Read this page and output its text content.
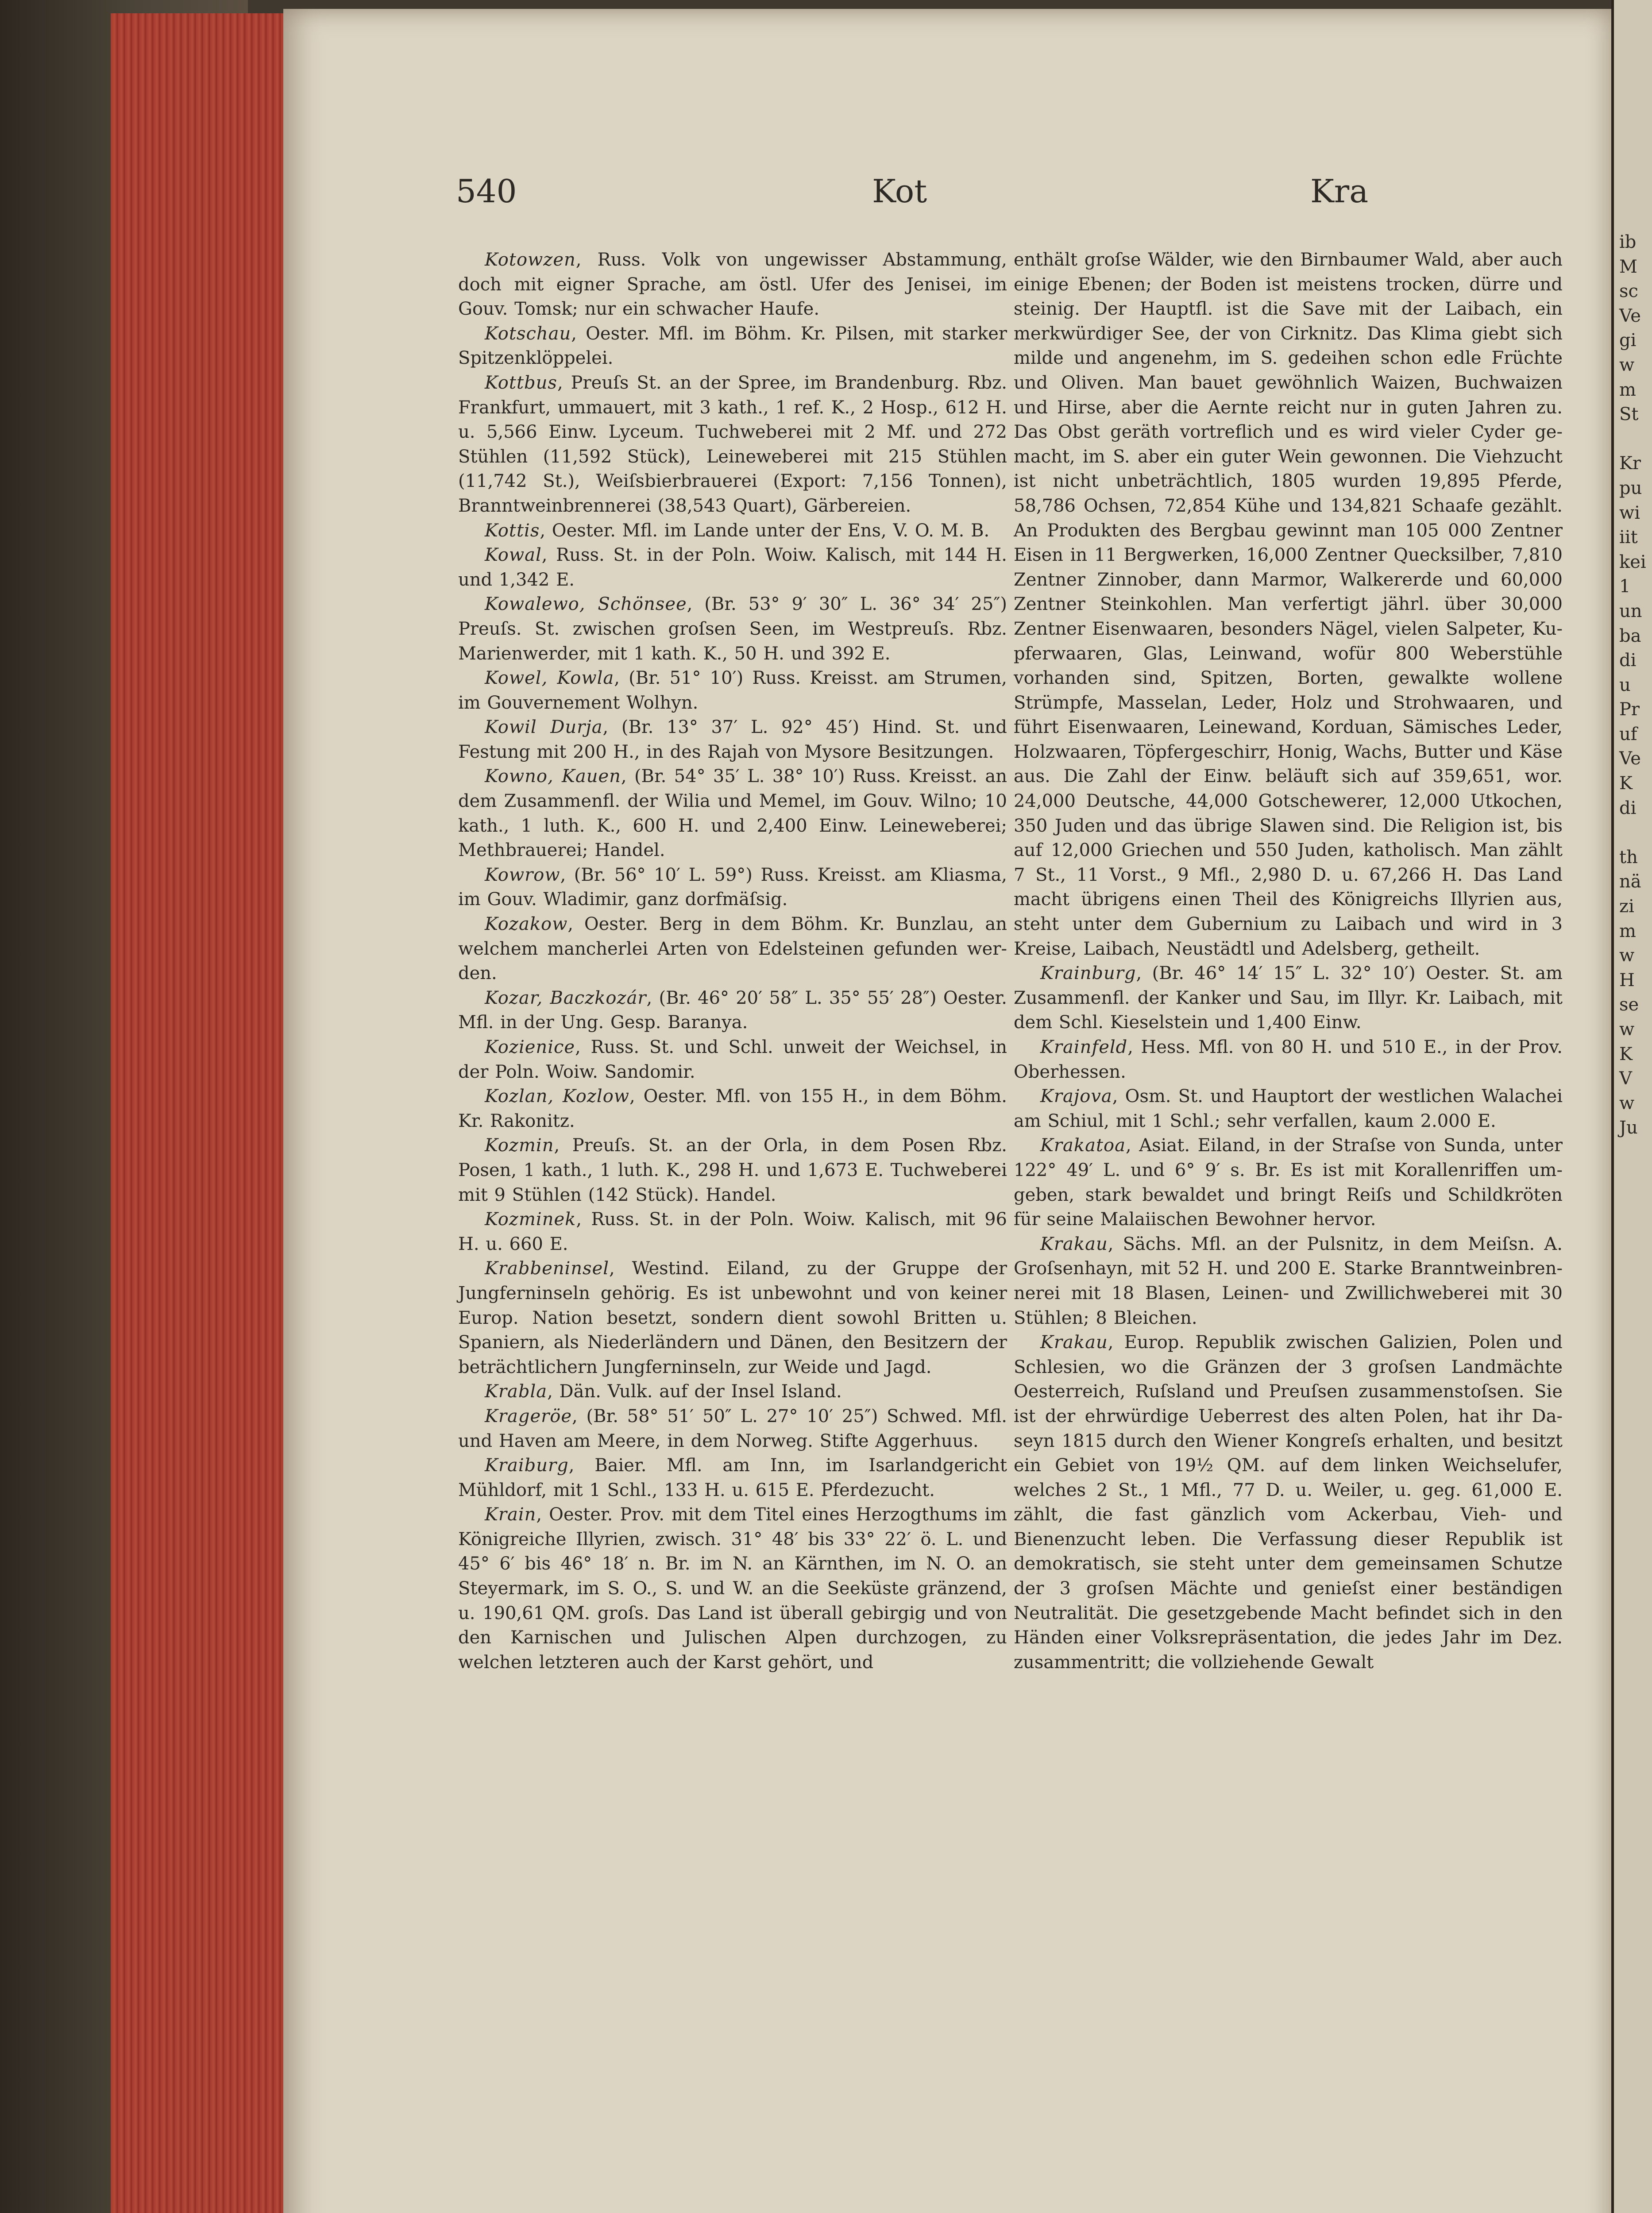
540	Kot	Kra

Kotowzen, Russ. Volk von ungewisser Abstammung, doch mit eigner Sprache, am östl. Ufer des Jenisei, im Gouv. Tomsk; nur ein schwacher Haufe.

Kotschau, Oester. Mfl. im Böhm. Kr. Pilsen, mit starker Spitzenklöppelei.

Kottbus, Preuſs St. an der Spree, im Brandenburg. Rbz. Frankfurt, ummauert, mit 3 kath., 1 ref. K., 2 Hosp., 612 H. u. 5,566 Einw. Lyceum. Tuchweberei mit 2 Mf. und 272 Stühlen (11,592 Stück), Leineweberei mit 215 Stühlen (11,742 St.), Weiſsbierbrauerei (Export: 7,156 Tonnen), Branntweinbrennerei (38,543 Quart), Gärbereien.

Kottis, Oester. Mfl. im Lande unter der Ens, V. O. M. B.

Kowal, Russ. St. in der Poln. Woiw. Kalisch, mit 144 H. und 1,342 E.

Kowalewo, Schönsee, (Br. 53° 9′ 30″ L. 36° 34′ 25″) Preuſs. St. zwischen groſsen Seen, im Westpreuſs. Rbz. Marienwerder, mit 1 kath. K., 50 H. und 392 E.

Kowel, Kowla, (Br. 51° 10′) Russ. Kreisst. am Strumen, im Gouvernement Wolhyn.

Kowil Durja, (Br. 13° 37′ L. 92° 45′) Hind. St. und Festung mit 200 H., in des Rajah von Mysore Besitzungen.

Kowno, Kauen, (Br. 54° 35′ L. 38° 10′) Russ. Kreisst. an dem Zusammenfl. der Wilia und Memel, im Gouv. Wilno; 10 kath., 1 luth. K., 600 H. und 2,400 Einw. Leineweberei; Methbrauerei; Handel.

Kowrow, (Br. 56° 10′ L. 59°) Russ. Kreisst. am Kliasma, im Gouv. Wladimir, ganz dorfmäſsig.

Kozakow, Oester. Berg in dem Böhm. Kr. Bunzlau, an welchem mancherlei Arten von Edelsteinen gefunden werden.

Kozar, Baczkozár, (Br. 46° 20′ 58″ L. 35° 55′ 28″) Oester. Mfl. in der Ung. Gesp. Baranya.

Kozienice, Russ. St. und Schl. unweit der Weichsel, in der Poln. Woiw. Sandomir.

Kozlan, Kozlow, Oester. Mfl. von 155 H., in dem Böhm. Kr. Rakonitz.

Kozmin, Preuſs. St. an der Orla, in dem Posen Rbz. Posen, 1 kath., 1 luth. K., 298 H. und 1,673 E. Tuchweberei mit 9 Stühlen (142 Stück). Handel.

Kozminek, Russ. St. in der Poln. Woiw. Kalisch, mit 96 H. u. 660 E.

Krabbeninsel, Westind. Eiland, zu der Gruppe der Jungferninseln gehörig. Es ist unbewohnt und von keiner Europ. Nation besetzt, sondern dient sowohl Britten u. Spaniern, als Niederländern und Dänen, den Besitzern der beträchtlichern Jungferninseln, zur Weide und Jagd.

Krabla, Dän. Vulk. auf der Insel Island.

Krageröe, (Br. 58° 51′ 50″ L. 27° 10′ 25″) Schwed. Mfl. und Haven am Meere, in dem Norweg. Stifte Aggerhuus.

Kraiburg, Baier. Mfl. am Inn, im Isarlandgericht Mühldorf, mit 1 Schl., 133 H. u. 615 E. Pferdezucht.

Krain, Oester. Prov. mit dem Titel eines Herzogthums im Königreiche Illyrien, zwisch. 31° 48′ bis 33° 22′ ö. L. und 45° 6′ bis 46° 18′ n. Br. im N. an Kärnthen, im N. O. an Steyermark, im S. O., S. und W. an die Seeküste gränzend, u. 190,61 QM. groſs. Das Land ist überall gebirgig und von den Karnischen und Julischen Alpen durchzogen, zu welchen letzteren auch der Karst gehört, und

enthält groſse Wälder, wie den Birnbaumer Wald, aber auch einige Ebenen; der Boden ist meistens trocken, dürre und steinig. Der Hauptfl. ist die Save mit der Laibach, ein merkwürdiger See, der von Cirknitz. Das Klima giebt sich milde und angenehm, im S. gedeihen schon edle Früchte und Oliven. Man bauet gewöhnlich Waizen, Buchwaizen und Hirse, aber die Aernte reicht nur in guten Jahren zu. Das Obst geräth vortreflich und es wird vieler Cyder gemacht, im S. aber ein guter Wein gewonnen. Die Viehzucht ist nicht unbeträchtlich, 1805 wurden 19,895 Pferde, 58,786 Ochsen, 72,854 Kühe und 134,821 Schaafe gezählt. An Produkten des Bergbau gewinnt man 105 000 Zentner Eisen in 11 Bergwerken, 16,000 Zentner Quecksilber, 7,810 Zentner Zinnober, dann Marmor, Walkererde und 60,000 Zentner Steinkohlen. Man verfertigt jährl. über 30,000 Zentner Eisenwaaren, besonders Nägel, vielen Salpeter, Kupferwaaren, Glas, Leinwand, wofür 800 Weberstühle vorhanden sind, Spitzen, Borten, gewalkte wollene Strümpfe, Masselan, Leder, Holz und Strohwaaren, und führt Eisenwaaren, Leinewand, Korduan, Sämisches Leder, Holzwaaren, Töpfergeschirr, Honig, Wachs, Butter und Käse aus. Die Zahl der Einw. beläuft sich auf 359,651, wor. 24,000 Deutsche, 44,000 Gotschewerer, 12,000 Utkochen, 350 Juden und das übrige Slawen sind. Die Religion ist, bis auf 12,000 Griechen und 550 Juden, katholisch. Man zählt 7 St., 11 Vorst., 9 Mfl., 2,980 D. u. 67,266 H. Das Land macht übrigens einen Theil des Königreichs Illyrien aus, steht unter dem Gubernium zu Laibach und wird in 3 Kreise, Laibach, Neustädtl und Adelsberg, getheilt.

Krainburg, (Br. 46° 14′ 15″ L. 32° 10′) Oester. St. am Zusammenfl. der Kanker und Sau, im Illyr. Kr. Laibach, mit dem Schl. Kieselstein und 1,400 Einw.

Krainfeld, Hess. Mfl. von 80 H. und 510 E., in der Prov. Oberhessen.

Krajova, Osm. St. und Hauptort der westlichen Walachei am Schiul, mit 1 Schl.; sehr verfallen, kaum 2.000 E.

Krakatoa, Asiat. Eiland, in der Straſse von Sunda, unter 122° 49′ L. und 6° 9′ s. Br. Es ist mit Korallenriffen umgeben, stark bewaldet und bringt Reiſs und Schildkröten für seine Malaiischen Bewohner hervor.

Krakau, Sächs. Mfl. an der Pulsnitz, in dem Meiſsn. A. Groſsenhayn, mit 52 H. und 200 E. Starke Branntweinbrennerei mit 18 Blasen, Leinen- und Zwillichweberei mit 30 Stühlen; 8 Bleichen.

Krakau, Europ. Republik zwischen Galizien, Polen und Schlesien, wo die Gränzen der 3 groſsen Landmächte Oesterreich, Ruſsland und Preuſsen zusammenstoſsen. Sie ist der ehrwürdige Ueberrest des alten Polen, hat ihr Daseyn 1815 durch den Wiener Kongreſs erhalten, und besitzt ein Gebiet von 19½ QM. auf dem linken Weichselufer, welches 2 St., 1 Mfl., 77 D. u. Weiler, u. geg. 61,000 E. zählt, die fast gänzlich vom Ackerbau, Vieh- und Bienenzucht leben. Die Verfassung dieser Republik ist demokratisch, sie steht unter dem gemeinsamen Schutze der 3 groſsen Mächte und genieſst einer beständigen Neutralität. Die gesetzgebende Macht befindet sich in den Händen einer Volksrepräsentation, die jedes Jahr im Dez. zusammentritt; die vollziehende Gewalt

ib
M
sc
Ve
gi
w
m
St

Kr
pu
wi
iit
kei
1
un
ba
di
u
Pr
uf
Ve
K
di

th
nä
zi
m
w
H
se
w
K
V
w
Ju
